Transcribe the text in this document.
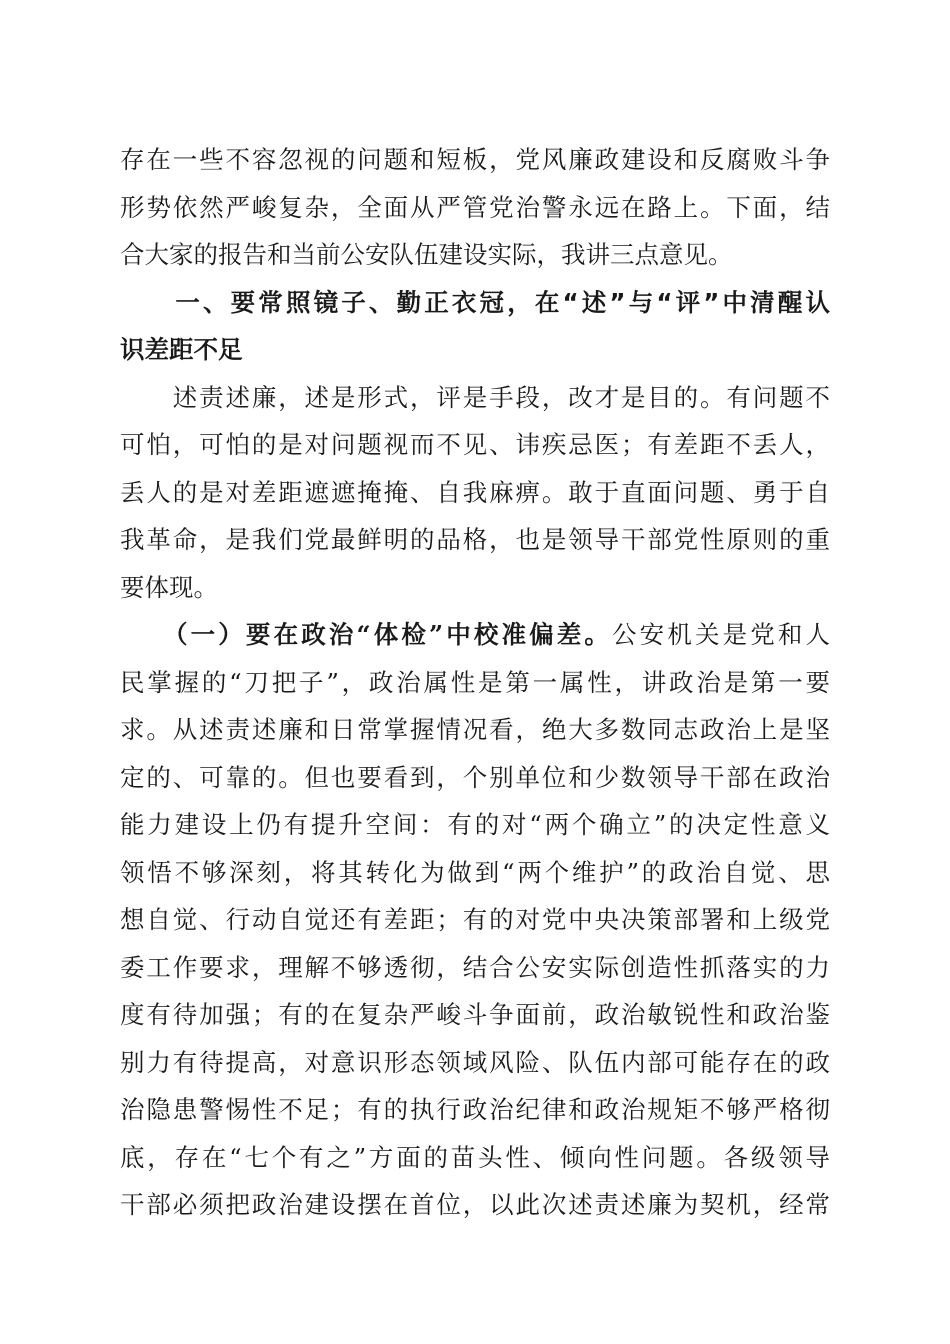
存在一些不容忽视的问题和短板，党风廉政建设和反腐败斗争
形势依然严峻复杂，全面从严管党治警永远在路上。下面，结
合大家的报告和当前公安队伍建设实际，我讲三点意见。
　　一、要常照镜子、勤正衣冠，在“述”与“评”中清醒认
识差距不足
　　述责述廉，述是形式，评是手段，改才是目的。有问题不
可怕，可怕的是对问题视而不见、讳疾忌医；有差距不丢人，
丢人的是对差距遮遮掩掩、自我麻痹。敢于直面问题、勇于自
我革命，是我们党最鲜明的品格，也是领导干部党性原则的重
要体现。
　　（一）要在政治“体检”中校准偏差。公安机关是党和人
民掌握的“刀把子”，政治属性是第一属性，讲政治是第一要
求。从述责述廉和日常掌握情况看，绝大多数同志政治上是坚
定的、可靠的。但也要看到，个别单位和少数领导干部在政治
能力建设上仍有提升空间：有的对“两个确立”的决定性意义
领悟不够深刻，将其转化为做到“两个维护”的政治自觉、思
想自觉、行动自觉还有差距；有的对党中央决策部署和上级党
委工作要求，理解不够透彻，结合公安实际创造性抓落实的力
度有待加强；有的在复杂严峻斗争面前，政治敏锐性和政治鉴
别力有待提高，对意识形态领域风险、队伍内部可能存在的政
治隐患警惕性不足；有的执行政治纪律和政治规矩不够严格彻
底，存在“七个有之”方面的苗头性、倾向性问题。各级领导
干部必须把政治建设摆在首位，以此次述责述廉为契机，经常
